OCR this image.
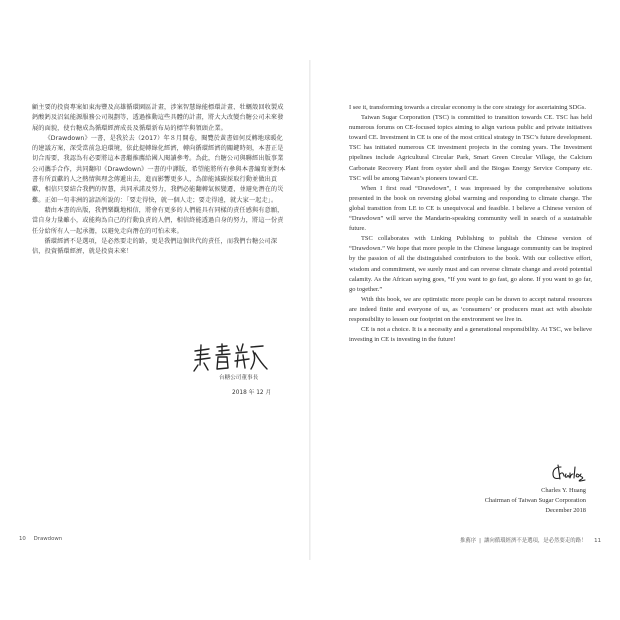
顧主要的投資專案如東海豐及高雄循環園區計畫，涉案智慧綠能標環計畫、牡蠣殼回收製成鈣酸鈣及沼氣能源服務公司規劃等，透過推動這些具體的計畫，將大大改變台糖公司未來發展的面貌，使台糖成為循環經濟成長及循環新布局的標竿與領頭企業。

《Drawdown》一書，是我於去（2017）年８月開卷，閱覽於黃書如何反轉地球暖化的建議方案，深受當前急迫環境，依此提轉綠化經濟，轉向循環經濟的關鍵時刻，本書正是切合需要，我認為有必要將這本書繼推薦給國人閱讀參考。為此，台糖公司與聯經出版事業公司攜手合作，共同翻印《Drawdown》一書的中譯版，希望能將所有參與本書編寫並對本書有所貢獻的人之熱情與理念傳遞出去，進而影響更多人，為節能減碳採取行動並做出貢獻，相信只要結合我們的智慧，共同承諾及努力，我們必能翻轉氣候變遷，並避免潛在的災難。正如一句非洲的諺語所說的：「要走得快，就一個人走；要走得遠，就大家一起走」。

藉由本書的出版，我們樂觀地相信，將會有更多的人們能具有同樣的責任感與有意願，當自身力量雖小，或能夠為自己的行動負責的人們，相信終能透過自身的努力，將這一份責任分給所有人一起承擔，以避免走向潛在的可怕未來。

循環經濟不是選項，是必然要走的路，更是我們這個世代的責任，而我們台糖公司深信，投資循環經濟，就是投資未來！

台糖公司董事長
2018 年 12 月
10 Drawdown

I see it, transforming towards a circular economy is the core strategy for ascertaining SDGs.

Taiwan Sugar Corporation (TSC) is committed to transition towards CE. TSC has held numerous forums on CE-focused topics aiming to align various public and private initiatives toward CE. Investment in CE is one of the most critical strategy in TSC’s future development. TSC has initiated numerous CE investment projects in the coming years. The Investment pipelines include Agricultural Circular Park, Smart Green Circular Village, the Calcium Carbonate Recovery Plant from oyster shell and the Biogas Energy Service Company etc. TSC will be among Taiwan’s pioneers toward CE.

When I first read “Drawdown”, I was impressed by the comprehensive solutions presented in the book on reversing global warming and responding to climate change. The global transition from LE to CE is unequivocal and feasible. I believe a Chinese version of “Drawdown” will serve the Mandarin-speaking community well in search of a sustainable future.

TSC collaborates with Linking Publishing to publish the Chinese version of “Drawdown.” We hope that more people in the Chinese language community can be inspired by the passion of all the distinguished contributors to the book. With our collective effort, wisdom and commitment, we surely must and can reverse climate change and avoid potential calamity. As the African saying goes, “If you want to go fast, go alone. If you want to go far, go together.”

With this book, we are optimistic more people can be drawn to accept natural resources are indeed finite and everyone of us, as ‘consumers’ or producers must act with absolute responsibility to lessen our footprint on the environment we live in.

CE is not a choice. It is a necessity and a generational responsibility. At TSC, we believe investing in CE is investing in the future!

Charles Y. Huang
Chairman of Taiwan Sugar Corporation
December 2018
推薦序 | 讓向循環經濟不是選項，是必然要走的路！ 11
